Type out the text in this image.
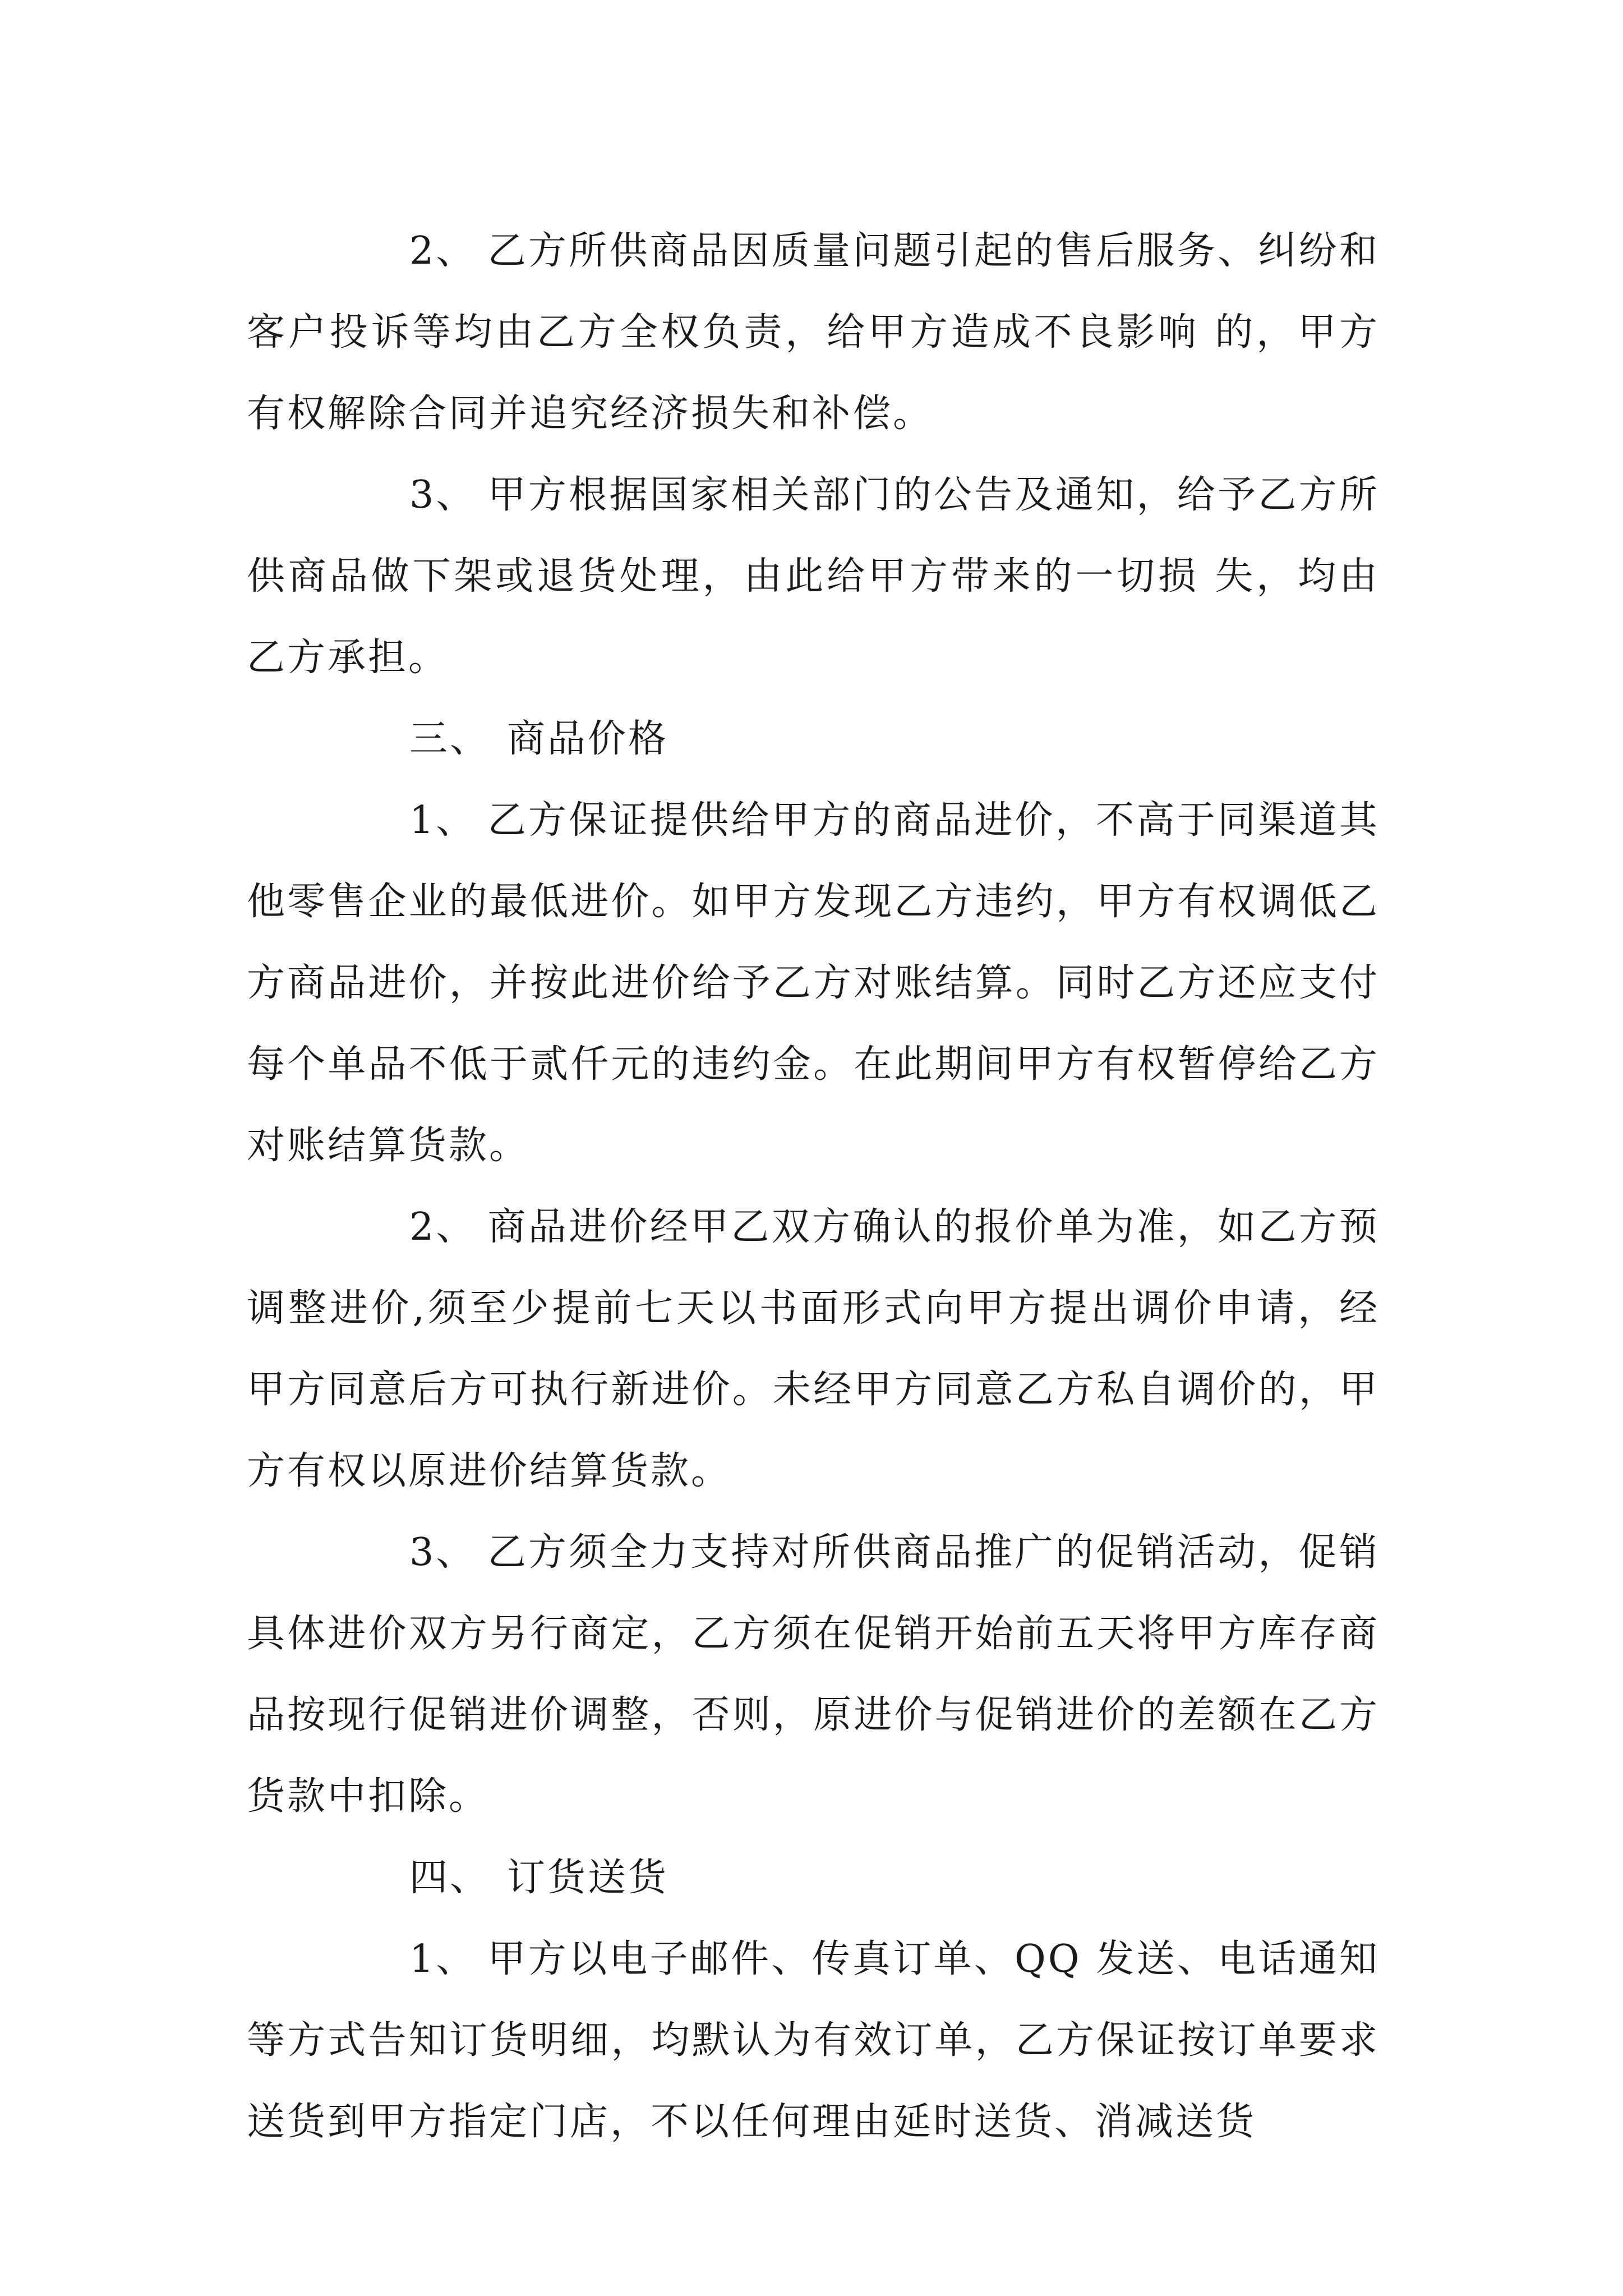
2、 乙方所供商品因质量问题引起的售后服务、纠纷和客户投诉等均由乙方全权负责，给甲方造成不良影响 的，甲方有权解除合同并追究经济损失和补偿。

3、 甲方根据国家相关部门的公告及通知，给予乙方所供商品做下架或退货处理，由此给甲方带来的一切损 失，均由乙方承担。

三、 商品价格

1、 乙方保证提供给甲方的商品进价，不高于同渠道其他零售企业的最低进价。如甲方发现乙方违约，甲方有权调低乙方商品进价，并按此进价给予乙方对账结算。同时乙方还应支付每个单品不低于贰仟元的违约金。在此期间甲方有权暂停给乙方对账结算货款。

2、 商品进价经甲乙双方确认的报价单为准，如乙方预调整进价,须至少提前七天以书面形式向甲方提出调价申请，经甲方同意后方可执行新进价。未经甲方同意乙方私自调价的，甲方有权以原进价结算货款。

3、 乙方须全力支持对所供商品推广的促销活动，促销具体进价双方另行商定，乙方须在促销开始前五天将甲方库存商品按现行促销进价调整，否则，原进价与促销进价的差额在乙方货款中扣除。

四、 订货送货

1、 甲方以电子邮件、传真订单、QQ 发送、电话通知等方式告知订货明细，均默认为有效订单，乙方保证按订单要求送货到甲方指定门店，不以任何理由延时送货、消减送货
